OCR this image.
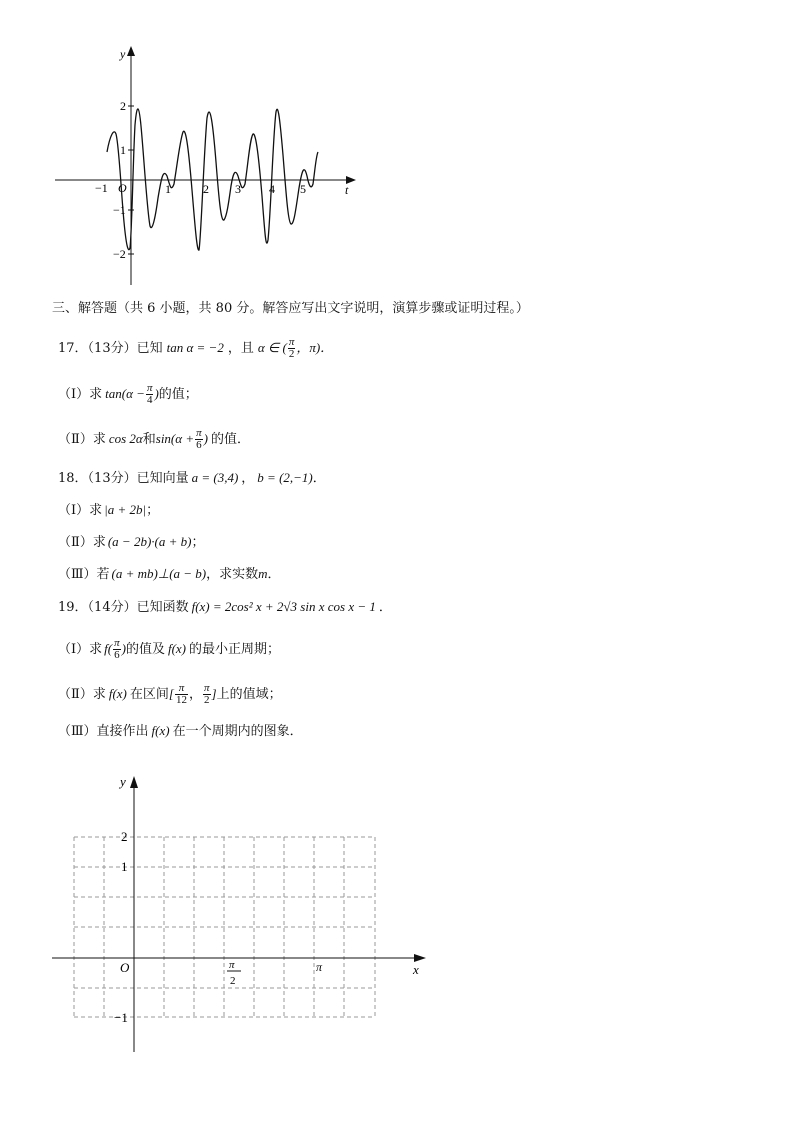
y
t
O
−1	1	2 3 4 5
2
1
−1
−2
三、解答题（共 6 小题，共 80 分。解答应写出文字说明，演算步骤或证明过程。）
17．（13分）已知 tan α = −2 ，且 α ∈ ( $\frac{\pi}{2}$ ，π)．
（Ⅰ）求 $\tan(\alpha - \frac{\pi}{4}$ )的值；
（Ⅱ）求 cos 2α和$\sin(\alpha + \frac{\pi}{6}$ ) 的值．
18．（13分）已知向量 a = (3,4) ， b = (2,−1)．
（Ⅰ）求 |a + 2b|；
（Ⅱ）求 (a − 2b)·(a + b)；
（Ⅲ）若 (a + mb)⊥(a − b)，求实数m．
19．（14分）已知函数 f(x) = 2cos² x + 2√3 sin x cos x − 1 ．
（Ⅰ）求 $f( \frac{\pi}{6}$ )的值及 f(x) 的最小正周期；
（Ⅱ）求 f(x) 在区间[ $\frac{\pi}{12}$ ， $\frac{\pi}{2}$ ]上的值域；
（Ⅲ）直接作出 f(x) 在一个周期内的图象．
y
x
O
2
1
−1
π
π
2
